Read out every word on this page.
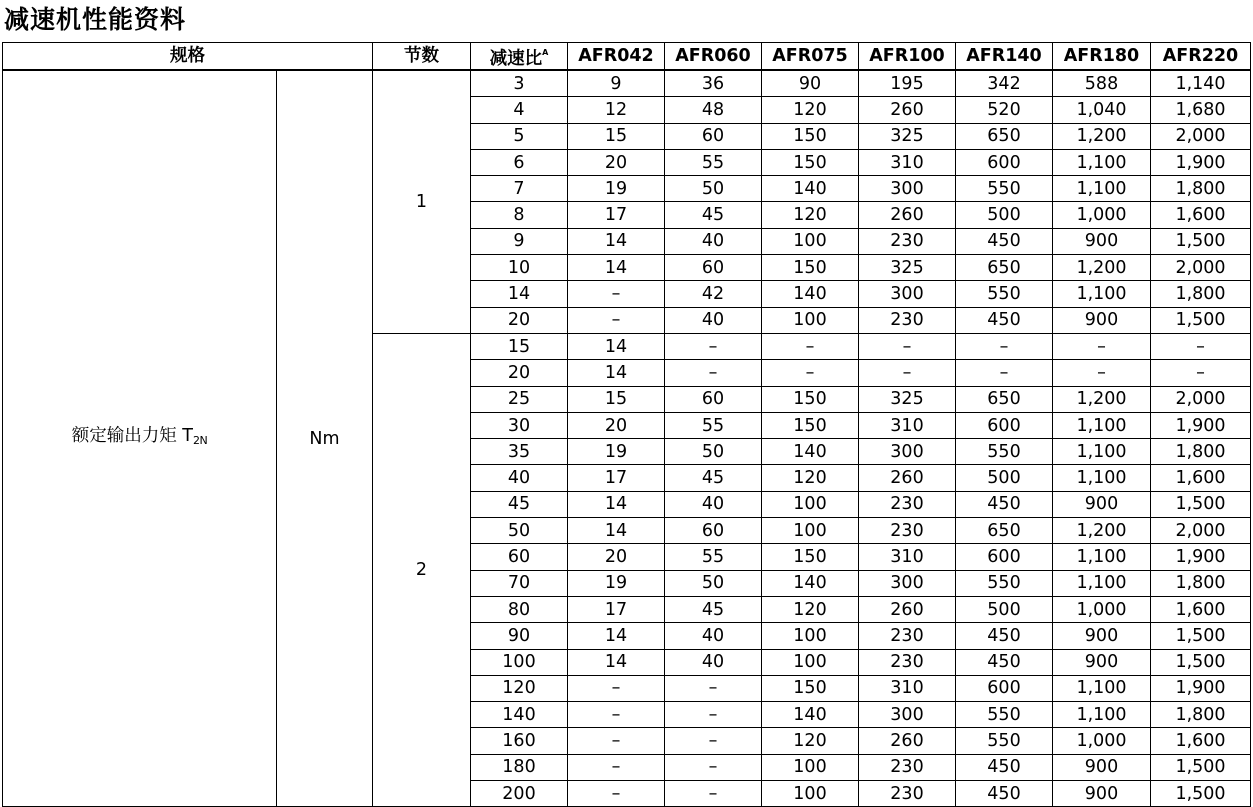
减速机性能资料
规格		节数	减速比$^A$	AFR042	AFR060	AFR075	AFR100	AFR140	AFR180	AFR220
额定输出力矩 $T_{2N}$	Nm	1	3	9	36	90	195	342	588	1,140
			4	12	48	120	260	520	1,040	1,680
			5	15	60	150	325	650	1,200	2,000
			6	20	55	150	310	600	1,100	1,900
			7	19	50	140	300	550	1,100	1,800
			8	17	45	120	260	500	1,000	1,600
			9	14	40	100	230	450	900	1,500
			10	14	60	150	325	650	1,200	2,000
			14	–	42	140	300	550	1,100	1,800
			20	–	40	100	230	450	900	1,500
		2	15	14	–	–	–	–	–	–
			20	14	–	–	–	–	–	–
			25	15	60	150	325	650	1,200	2,000
			30	20	55	150	310	600	1,100	1,900
			35	19	50	140	300	550	1,100	1,800
			40	17	45	120	260	500	1,100	1,600
			45	14	40	100	230	450	900	1,500
			50	14	60	100	230	650	1,200	2,000
			60	20	55	150	310	600	1,100	1,900
			70	19	50	140	300	550	1,100	1,800
			80	17	45	120	260	500	1,000	1,600
			90	14	40	100	230	450	900	1,500
			100	14	40	100	230	450	900	1,500
			120	–	–	150	310	600	1,100	1,900
			140	–	–	140	300	550	1,100	1,800
			160	–	–	120	260	550	1,000	1,600
			180	–	–	100	230	450	900	1,500
			200	–	–	100	230	450	900	1,500
